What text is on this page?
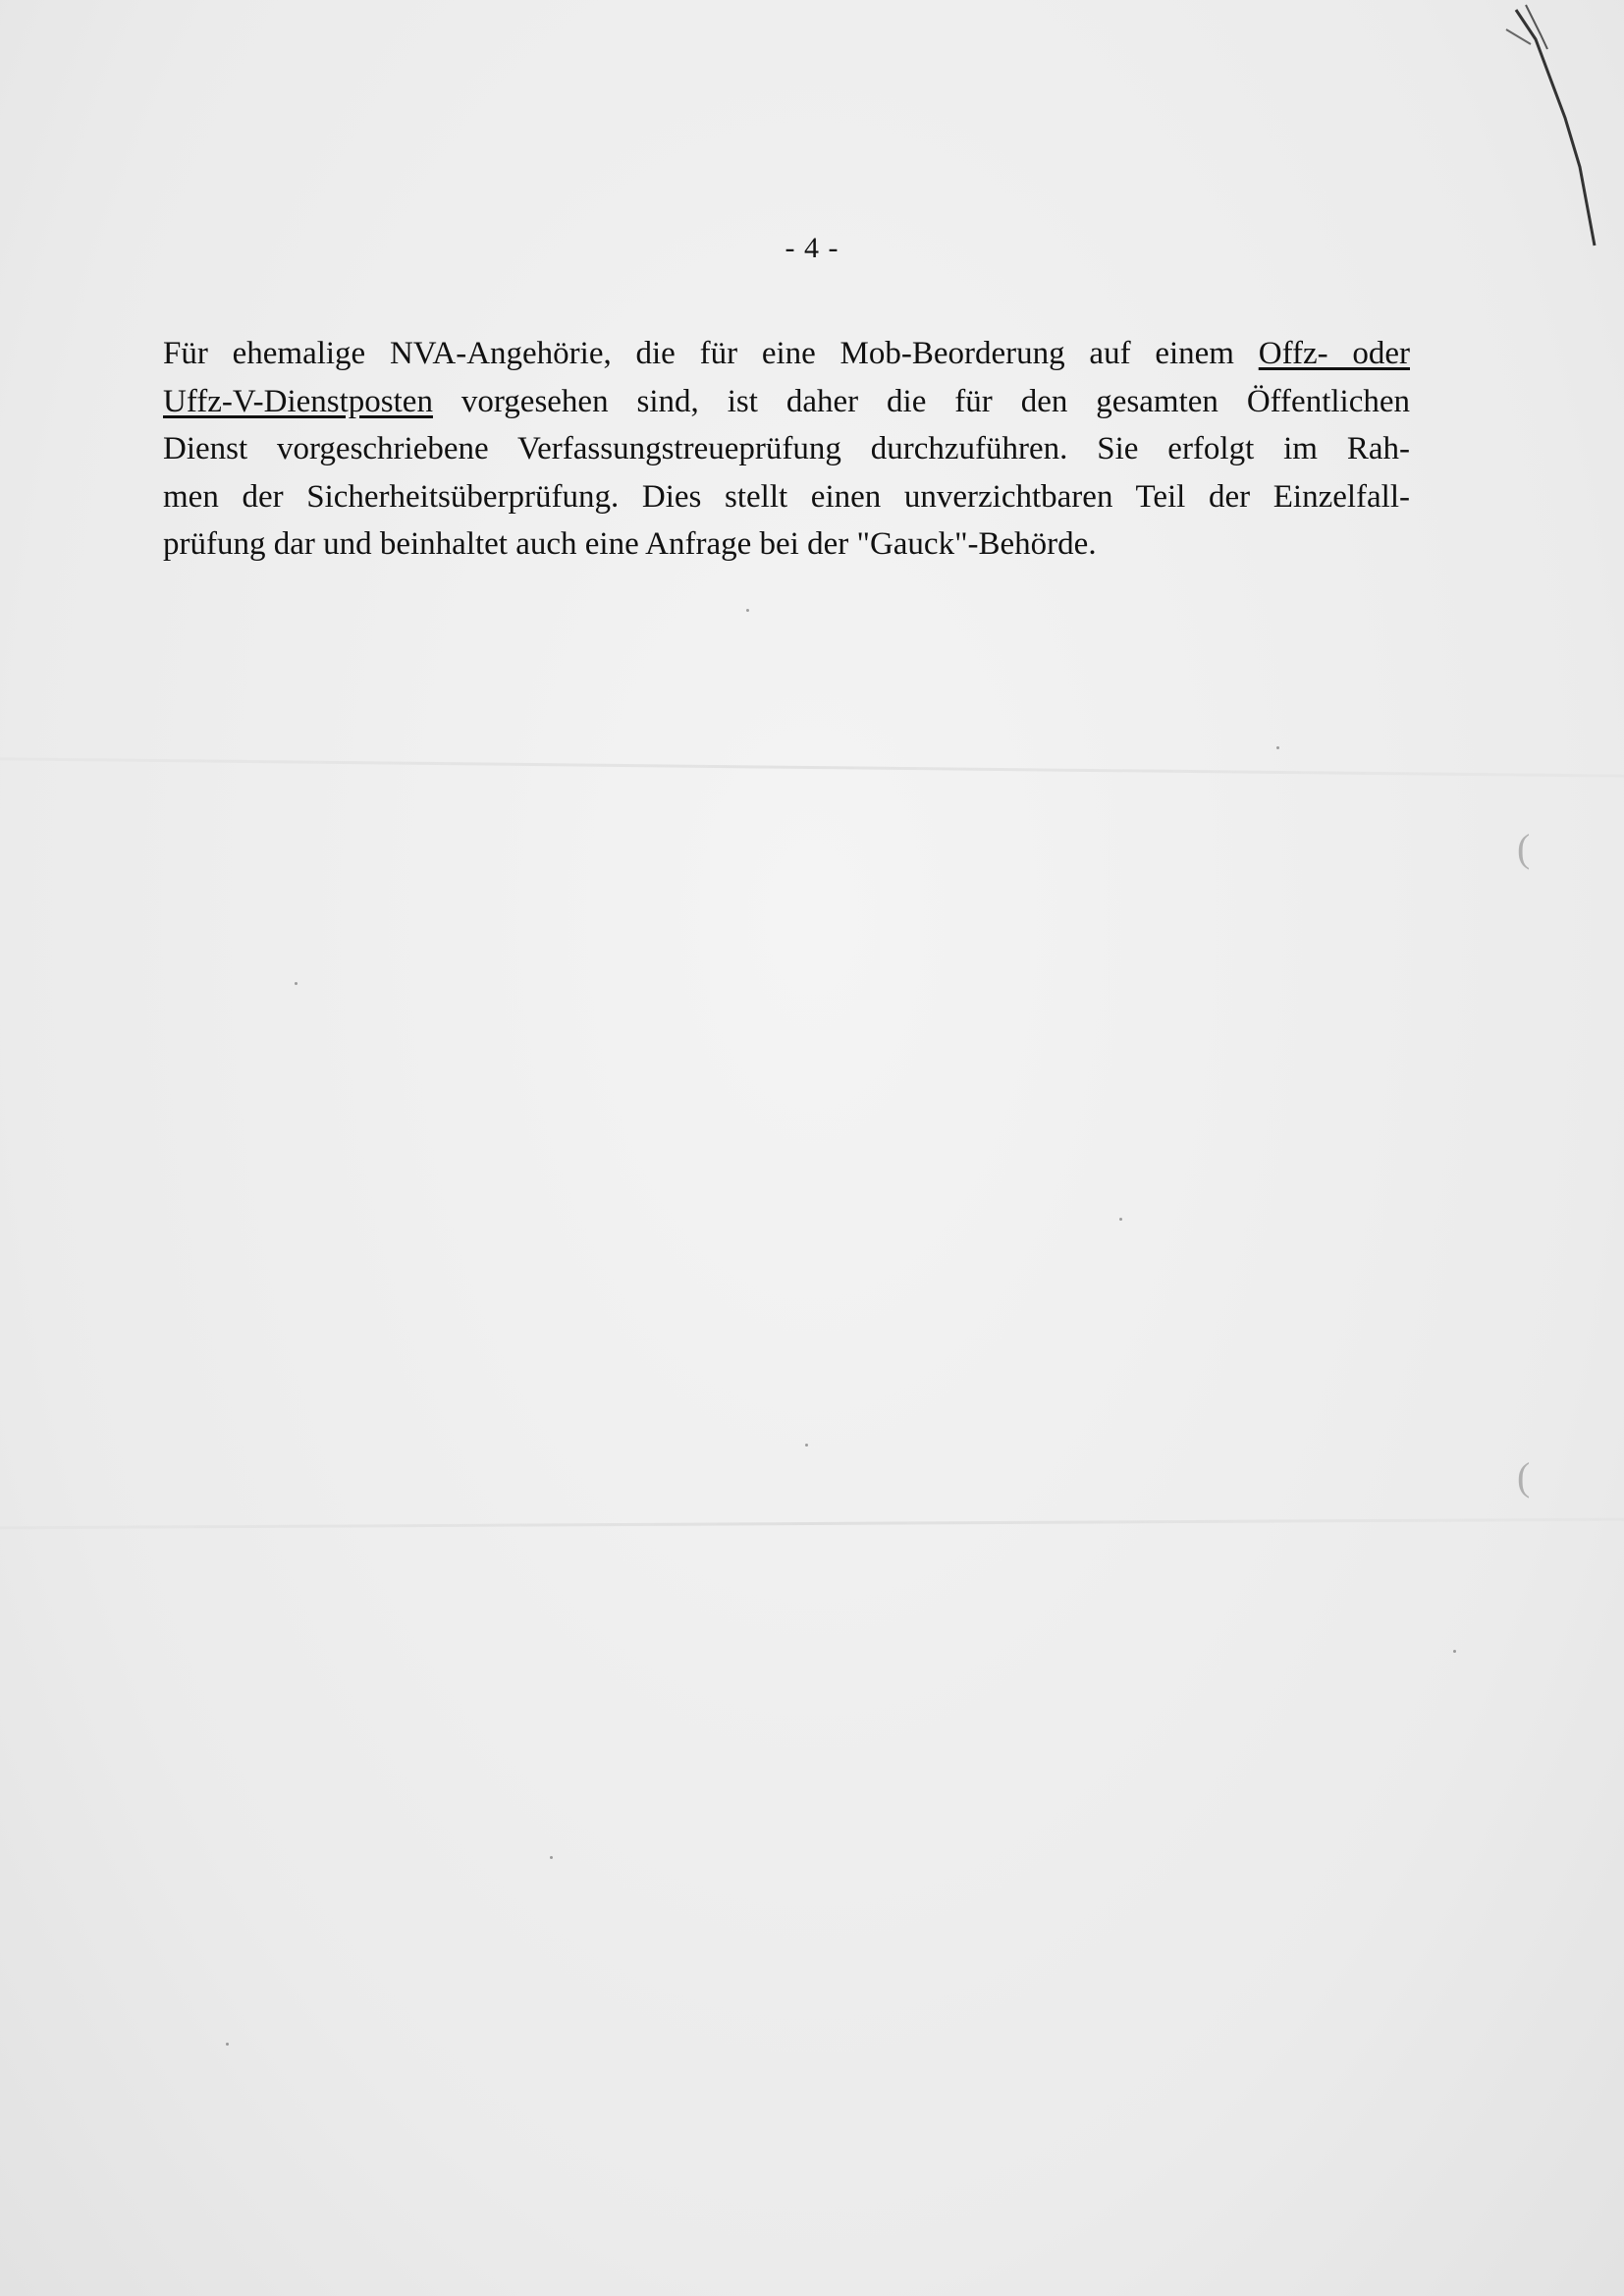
- 4 -
Für ehemalige NVA-Angehörie, die für eine Mob-Beorderung auf einem Offz- oder
Uffz-V-Dienstposten vorgesehen sind, ist daher die für den gesamten Öffentlichen
Dienst vorgeschriebene Verfassungstreueprüfung durchzuführen. Sie erfolgt im Rah-
men der Sicherheitsüberprüfung. Dies stellt einen unverzichtbaren Teil der Einzelfall-
prüfung dar und beinhaltet auch eine Anfrage bei der "Gauck"-Behörde.
(
(
